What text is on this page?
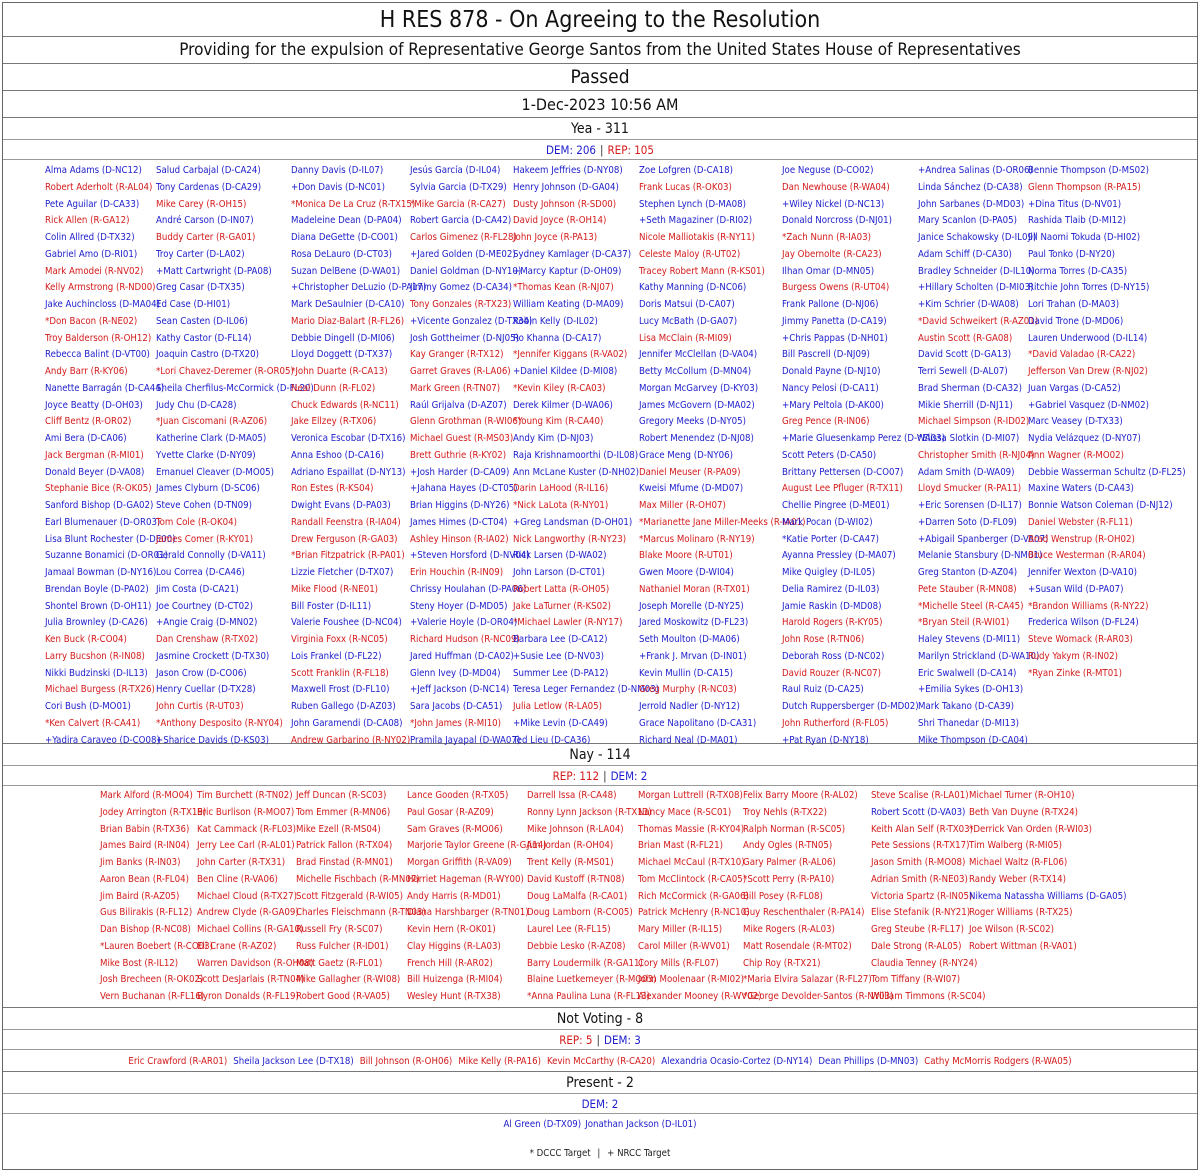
H RES 878 - On Agreeing to the Resolution
Providing for the expulsion of Representative George Santos from the United States House of Representatives
Passed
1-Dec-2023 10:56 AM
Yea - 311
DEM: 206 | REP: 105
Alma Adams (D-NC12)
Robert Aderholt (R-AL04)
Pete Aguilar (D-CA33)
Rick Allen (R-GA12)
Colin Allred (D-TX32)
Gabriel Amo (D-RI01)
Mark Amodei (R-NV02)
Kelly Armstrong (R-ND00)
Jake Auchincloss (D-MA04)
*Don Bacon (R-NE02)
Troy Balderson (R-OH12)
Rebecca Balint (D-VT00)
Andy Barr (R-KY06)
Nanette Barragán (D-CA44)
Joyce Beatty (D-OH03)
Cliff Bentz (R-OR02)
Ami Bera (D-CA06)
Jack Bergman (R-MI01)
Donald Beyer (D-VA08)
Stephanie Bice (R-OK05)
Sanford Bishop (D-GA02)
Earl Blumenauer (D-OR03)
Lisa Blunt Rochester (D-DE00)
Suzanne Bonamici (D-OR01)
Jamaal Bowman (D-NY16)
Brendan Boyle (D-PA02)
Shontel Brown (D-OH11)
Julia Brownley (D-CA26)
Ken Buck (R-CO04)
Larry Bucshon (R-IN08)
Nikki Budzinski (D-IL13)
Michael Burgess (R-TX26)
Cori Bush (D-MO01)
*Ken Calvert (R-CA41)
+Yadira Caraveo (D-CO08)
Salud Carbajal (D-CA24)
Tony Cardenas (D-CA29)
Mike Carey (R-OH15)
André Carson (D-IN07)
Buddy Carter (R-GA01)
Troy Carter (D-LA02)
+Matt Cartwright (D-PA08)
Greg Casar (D-TX35)
Ed Case (D-HI01)
Sean Casten (D-IL06)
Kathy Castor (D-FL14)
Joaquin Castro (D-TX20)
*Lori Chavez-Deremer (R-OR05)
Sheila Cherfilus-McCormick (D-FL20)
Judy Chu (D-CA28)
*Juan Ciscomani (R-AZ06)
Katherine Clark (D-MA05)
Yvette Clarke (D-NY09)
Emanuel Cleaver (D-MO05)
James Clyburn (D-SC06)
Steve Cohen (D-TN09)
Tom Cole (R-OK04)
James Comer (R-KY01)
Gerald Connolly (D-VA11)
Lou Correa (D-CA46)
Jim Costa (D-CA21)
Joe Courtney (D-CT02)
+Angie Craig (D-MN02)
Dan Crenshaw (R-TX02)
Jasmine Crockett (D-TX30)
Jason Crow (D-CO06)
Henry Cuellar (D-TX28)
John Curtis (R-UT03)
*Anthony Desposito (R-NY04)
+Sharice Davids (D-KS03)
Danny Davis (D-IL07)
+Don Davis (D-NC01)
*Monica De La Cruz (R-TX15)
Madeleine Dean (D-PA04)
Diana DeGette (D-CO01)
Rosa DeLauro (D-CT03)
Suzan DelBene (D-WA01)
+Christopher DeLuzio (D-PA17)
Mark DeSaulnier (D-CA10)
Mario Diaz-Balart (R-FL26)
Debbie Dingell (D-MI06)
Lloyd Doggett (D-TX37)
*John Duarte (R-CA13)
Neal Dunn (R-FL02)
Chuck Edwards (R-NC11)
Jake Ellzey (R-TX06)
Veronica Escobar (D-TX16)
Anna Eshoo (D-CA16)
Adriano Espaillat (D-NY13)
Ron Estes (R-KS04)
Dwight Evans (D-PA03)
Randall Feenstra (R-IA04)
Drew Ferguson (R-GA03)
*Brian Fitzpatrick (R-PA01)
Lizzie Fletcher (D-TX07)
Mike Flood (R-NE01)
Bill Foster (D-IL11)
Valerie Foushee (D-NC04)
Virginia Foxx (R-NC05)
Lois Frankel (D-FL22)
Scott Franklin (R-FL18)
Maxwell Frost (D-FL10)
Ruben Gallego (D-AZ03)
John Garamendi (D-CA08)
Andrew Garbarino (R-NY02)
Jesús García (D-IL04)
Sylvia Garcia (D-TX29)
*Mike Garcia (R-CA27)
Robert Garcia (D-CA42)
Carlos Gimenez (R-FL28)
+Jared Golden (D-ME02)
Daniel Goldman (D-NY10)
Jimmy Gomez (D-CA34)
Tony Gonzales (R-TX23)
+Vicente Gonzalez (D-TX34)
Josh Gottheimer (D-NJ05)
Kay Granger (R-TX12)
Garret Graves (R-LA06)
Mark Green (R-TN07)
Raúl Grijalva (D-AZ07)
Glenn Grothman (R-WI06)
Michael Guest (R-MS03)
Brett Guthrie (R-KY02)
+Josh Harder (D-CA09)
+Jahana Hayes (D-CT05)
Brian Higgins (D-NY26)
James Himes (D-CT04)
Ashley Hinson (R-IA02)
+Steven Horsford (D-NV04)
Erin Houchin (R-IN09)
Chrissy Houlahan (D-PA06)
Steny Hoyer (D-MD05)
+Valerie Hoyle (D-OR04)
Richard Hudson (R-NC09)
Jared Huffman (D-CA02)
Glenn Ivey (D-MD04)
+Jeff Jackson (D-NC14)
Sara Jacobs (D-CA51)
*John James (R-MI10)
Pramila Jayapal (D-WA07)
Hakeem Jeffries (D-NY08)
Henry Johnson (D-GA04)
Dusty Johnson (R-SD00)
David Joyce (R-OH14)
John Joyce (R-PA13)
Sydney Kamlager (D-CA37)
+Marcy Kaptur (D-OH09)
*Thomas Kean (R-NJ07)
William Keating (D-MA09)
Robin Kelly (D-IL02)
Ro Khanna (D-CA17)
*Jennifer Kiggans (R-VA02)
+Daniel Kildee (D-MI08)
*Kevin Kiley (R-CA03)
Derek Kilmer (D-WA06)
*Young Kim (R-CA40)
Andy Kim (D-NJ03)
Raja Krishnamoorthi (D-IL08)
Ann McLane Kuster (D-NH02)
Darin LaHood (R-IL16)
*Nick LaLota (R-NY01)
+Greg Landsman (D-OH01)
Nick Langworthy (R-NY23)
Rick Larsen (D-WA02)
John Larson (D-CT01)
Robert Latta (R-OH05)
Jake LaTurner (R-KS02)
*Michael Lawler (R-NY17)
Barbara Lee (D-CA12)
+Susie Lee (D-NV03)
Summer Lee (D-PA12)
Teresa Leger Fernandez (D-NM03)
Julia Letlow (R-LA05)
+Mike Levin (D-CA49)
Ted Lieu (D-CA36)
Zoe Lofgren (D-CA18)
Frank Lucas (R-OK03)
Stephen Lynch (D-MA08)
+Seth Magaziner (D-RI02)
Nicole Malliotakis (R-NY11)
Celeste Maloy (R-UT02)
Tracey Robert Mann (R-KS01)
Kathy Manning (D-NC06)
Doris Matsui (D-CA07)
Lucy McBath (D-GA07)
Lisa McClain (R-MI09)
Jennifer McClellan (D-VA04)
Betty McCollum (D-MN04)
Morgan McGarvey (D-KY03)
James McGovern (D-MA02)
Gregory Meeks (D-NY05)
Robert Menendez (D-NJ08)
Grace Meng (D-NY06)
Daniel Meuser (R-PA09)
Kweisi Mfume (D-MD07)
Max Miller (R-OH07)
*Marianette Jane Miller-Meeks (R-IA01)
*Marcus Molinaro (R-NY19)
Blake Moore (R-UT01)
Gwen Moore (D-WI04)
Nathaniel Moran (R-TX01)
Joseph Morelle (D-NY25)
Jared Moskowitz (D-FL23)
Seth Moulton (D-MA06)
+Frank J. Mrvan (D-IN01)
Kevin Mullin (D-CA15)
Greg Murphy (R-NC03)
Jerrold Nadler (D-NY12)
Grace Napolitano (D-CA31)
Richard Neal (D-MA01)
Joe Neguse (D-CO02)
Dan Newhouse (R-WA04)
+Wiley Nickel (D-NC13)
Donald Norcross (D-NJ01)
*Zach Nunn (R-IA03)
Jay Obernolte (R-CA23)
Ilhan Omar (D-MN05)
Burgess Owens (R-UT04)
Frank Pallone (D-NJ06)
Jimmy Panetta (D-CA19)
+Chris Pappas (D-NH01)
Bill Pascrell (D-NJ09)
Donald Payne (D-NJ10)
Nancy Pelosi (D-CA11)
+Mary Peltola (D-AK00)
Greg Pence (R-IN06)
+Marie Gluesenkamp Perez (D-WA03)
Scott Peters (D-CA50)
Brittany Pettersen (D-CO07)
August Lee Pfluger (R-TX11)
Chellie Pingree (D-ME01)
Mark Pocan (D-WI02)
*Katie Porter (D-CA47)
Ayanna Pressley (D-MA07)
Mike Quigley (D-IL05)
Delia Ramirez (D-IL03)
Jamie Raskin (D-MD08)
Harold Rogers (R-KY05)
John Rose (R-TN06)
Deborah Ross (D-NC02)
David Rouzer (R-NC07)
Raul Ruiz (D-CA25)
Dutch Ruppersberger (D-MD02)
John Rutherford (R-FL05)
+Pat Ryan (D-NY18)
+Andrea Salinas (D-OR06)
Linda Sánchez (D-CA38)
John Sarbanes (D-MD03)
Mary Scanlon (D-PA05)
Janice Schakowsky (D-IL09)
Adam Schiff (D-CA30)
Bradley Schneider (D-IL10)
+Hillary Scholten (D-MI03)
+Kim Schrier (D-WA08)
*David Schweikert (R-AZ01)
Austin Scott (R-GA08)
David Scott (D-GA13)
Terri Sewell (D-AL07)
Brad Sherman (D-CA32)
Mikie Sherrill (D-NJ11)
Michael Simpson (R-ID02)
*Elissa Slotkin (D-MI07)
Christopher Smith (R-NJ04)
Adam Smith (D-WA09)
Lloyd Smucker (R-PA11)
+Eric Sorensen (D-IL17)
+Darren Soto (D-FL09)
+Abigail Spanberger (D-VA07)
Melanie Stansbury (D-NM01)
Greg Stanton (D-AZ04)
Pete Stauber (R-MN08)
*Michelle Steel (R-CA45)
*Bryan Steil (R-WI01)
Haley Stevens (D-MI11)
Marilyn Strickland (D-WA10)
Eric Swalwell (D-CA14)
+Emilia Sykes (D-OH13)
Mark Takano (D-CA39)
Shri Thanedar (D-MI13)
Mike Thompson (D-CA04)
Bennie Thompson (D-MS02)
Glenn Thompson (R-PA15)
+Dina Titus (D-NV01)
Rashida Tlaib (D-MI12)
Jill Naomi Tokuda (D-HI02)
Paul Tonko (D-NY20)
Norma Torres (D-CA35)
Ritchie John Torres (D-NY15)
Lori Trahan (D-MA03)
David Trone (D-MD06)
Lauren Underwood (D-IL14)
*David Valadao (R-CA22)
Jefferson Van Drew (R-NJ02)
Juan Vargas (D-CA52)
+Gabriel Vasquez (D-NM02)
Marc Veasey (D-TX33)
Nydia Velázquez (D-NY07)
Ann Wagner (R-MO02)
Debbie Wasserman Schultz (D-FL25)
Maxine Waters (D-CA43)
Bonnie Watson Coleman (D-NJ12)
Daniel Webster (R-FL11)
Brad Wenstrup (R-OH02)
Bruce Westerman (R-AR04)
Jennifer Wexton (D-VA10)
+Susan Wild (D-PA07)
*Brandon Williams (R-NY22)
Frederica Wilson (D-FL24)
Steve Womack (R-AR03)
Rudy Yakym (R-IN02)
*Ryan Zinke (R-MT01)
Nay - 114
REP: 112 | DEM: 2
Mark Alford (R-MO04)
Jodey Arrington (R-TX19)
Brian Babin (R-TX36)
James Baird (R-IN04)
Jim Banks (R-IN03)
Aaron Bean (R-FL04)
Jim Baird (R-AZ05)
Gus Bilirakis (R-FL12)
Dan Bishop (R-NC08)
*Lauren Boebert (R-CO03)
Mike Bost (R-IL12)
Josh Brecheen (R-OK02)
Vern Buchanan (R-FL16)
Tim Burchett (R-TN02)
Eric Burlison (R-MO07)
Kat Cammack (R-FL03)
Jerry Lee Carl (R-AL01)
John Carter (R-TX31)
Ben Cline (R-VA06)
Michael Cloud (R-TX27)
Andrew Clyde (R-GA09)
Michael Collins (R-GA10)
Eli Crane (R-AZ02)
Warren Davidson (R-OH08)
Scott DesJarlais (R-TN04)
Byron Donalds (R-FL19)
Jeff Duncan (R-SC03)
Tom Emmer (R-MN06)
Mike Ezell (R-MS04)
Patrick Fallon (R-TX04)
Brad Finstad (R-MN01)
Michelle Fischbach (R-MN07)
Scott Fitzgerald (R-WI05)
Charles Fleischmann (R-TN03)
Russell Fry (R-SC07)
Russ Fulcher (R-ID01)
Matt Gaetz (R-FL01)
Mike Gallagher (R-WI08)
Robert Good (R-VA05)
Lance Gooden (R-TX05)
Paul Gosar (R-AZ09)
Sam Graves (R-MO06)
Marjorie Taylor Greene (R-GA14)
Morgan Griffith (R-VA09)
Harriet Hageman (R-WY00)
Andy Harris (R-MD01)
Diana Harshbarger (R-TN01)
Kevin Hern (R-OK01)
Clay Higgins (R-LA03)
French Hill (R-AR02)
Bill Huizenga (R-MI04)
Wesley Hunt (R-TX38)
Darrell Issa (R-CA48)
Ronny Lynn Jackson (R-TX13)
Mike Johnson (R-LA04)
Jim Jordan (R-OH04)
Trent Kelly (R-MS01)
David Kustoff (R-TN08)
Doug LaMalfa (R-CA01)
Doug Lamborn (R-CO05)
Laurel Lee (R-FL15)
Debbie Lesko (R-AZ08)
Barry Loudermilk (R-GA11)
Blaine Luetkemeyer (R-MO03)
*Anna Paulina Luna (R-FL13)
Morgan Luttrell (R-TX08)
Nancy Mace (R-SC01)
Thomas Massie (R-KY04)
Brian Mast (R-FL21)
Michael McCaul (R-TX10)
Tom McClintock (R-CA05)
Rich McCormick (R-GA06)
Patrick McHenry (R-NC10)
Mary Miller (R-IL15)
Carol Miller (R-WV01)
Cory Mills (R-FL07)
John Moolenaar (R-MI02)
Alexander Mooney (R-WV02)
Felix Barry Moore (R-AL02)
Troy Nehls (R-TX22)
Ralph Norman (R-SC05)
Andy Ogles (R-TN05)
Gary Palmer (R-AL06)
*Scott Perry (R-PA10)
Bill Posey (R-FL08)
Guy Reschenthaler (R-PA14)
Mike Rogers (R-AL03)
Matt Rosendale (R-MT02)
Chip Roy (R-TX21)
*Maria Elvira Salazar (R-FL27)
*George Devolder-Santos (R-NY03)
Steve Scalise (R-LA01)
Robert Scott (D-VA03)
Keith Alan Self (R-TX03)
Pete Sessions (R-TX17)
Jason Smith (R-MO08)
Adrian Smith (R-NE03)
Victoria Spartz (R-IN05)
Elise Stefanik (R-NY21)
Greg Steube (R-FL17)
Dale Strong (R-AL05)
Claudia Tenney (R-NY24)
Tom Tiffany (R-WI07)
William Timmons (R-SC04)
Michael Turner (R-OH10)
Beth Van Duyne (R-TX24)
*Derrick Van Orden (R-WI03)
Tim Walberg (R-MI05)
Michael Waltz (R-FL06)
Randy Weber (R-TX14)
Nikema Natassha Williams (D-GA05)
Roger Williams (R-TX25)
Joe Wilson (R-SC02)
Robert Wittman (R-VA01)
Not Voting - 8
REP: 5 | DEM: 3
Eric Crawford (R-AR01) Sheila Jackson Lee (D-TX18) Bill Johnson (R-OH06) Mike Kelly (R-PA16) Kevin McCarthy (R-CA20) Alexandria Ocasio-Cortez (D-NY14) Dean Phillips (D-MN03) Cathy McMorris Rodgers (R-WA05)
Present - 2
DEM: 2
Al Green (D-TX09) Jonathan Jackson (D-IL01)
* DCCC Target | + NRCC Target
